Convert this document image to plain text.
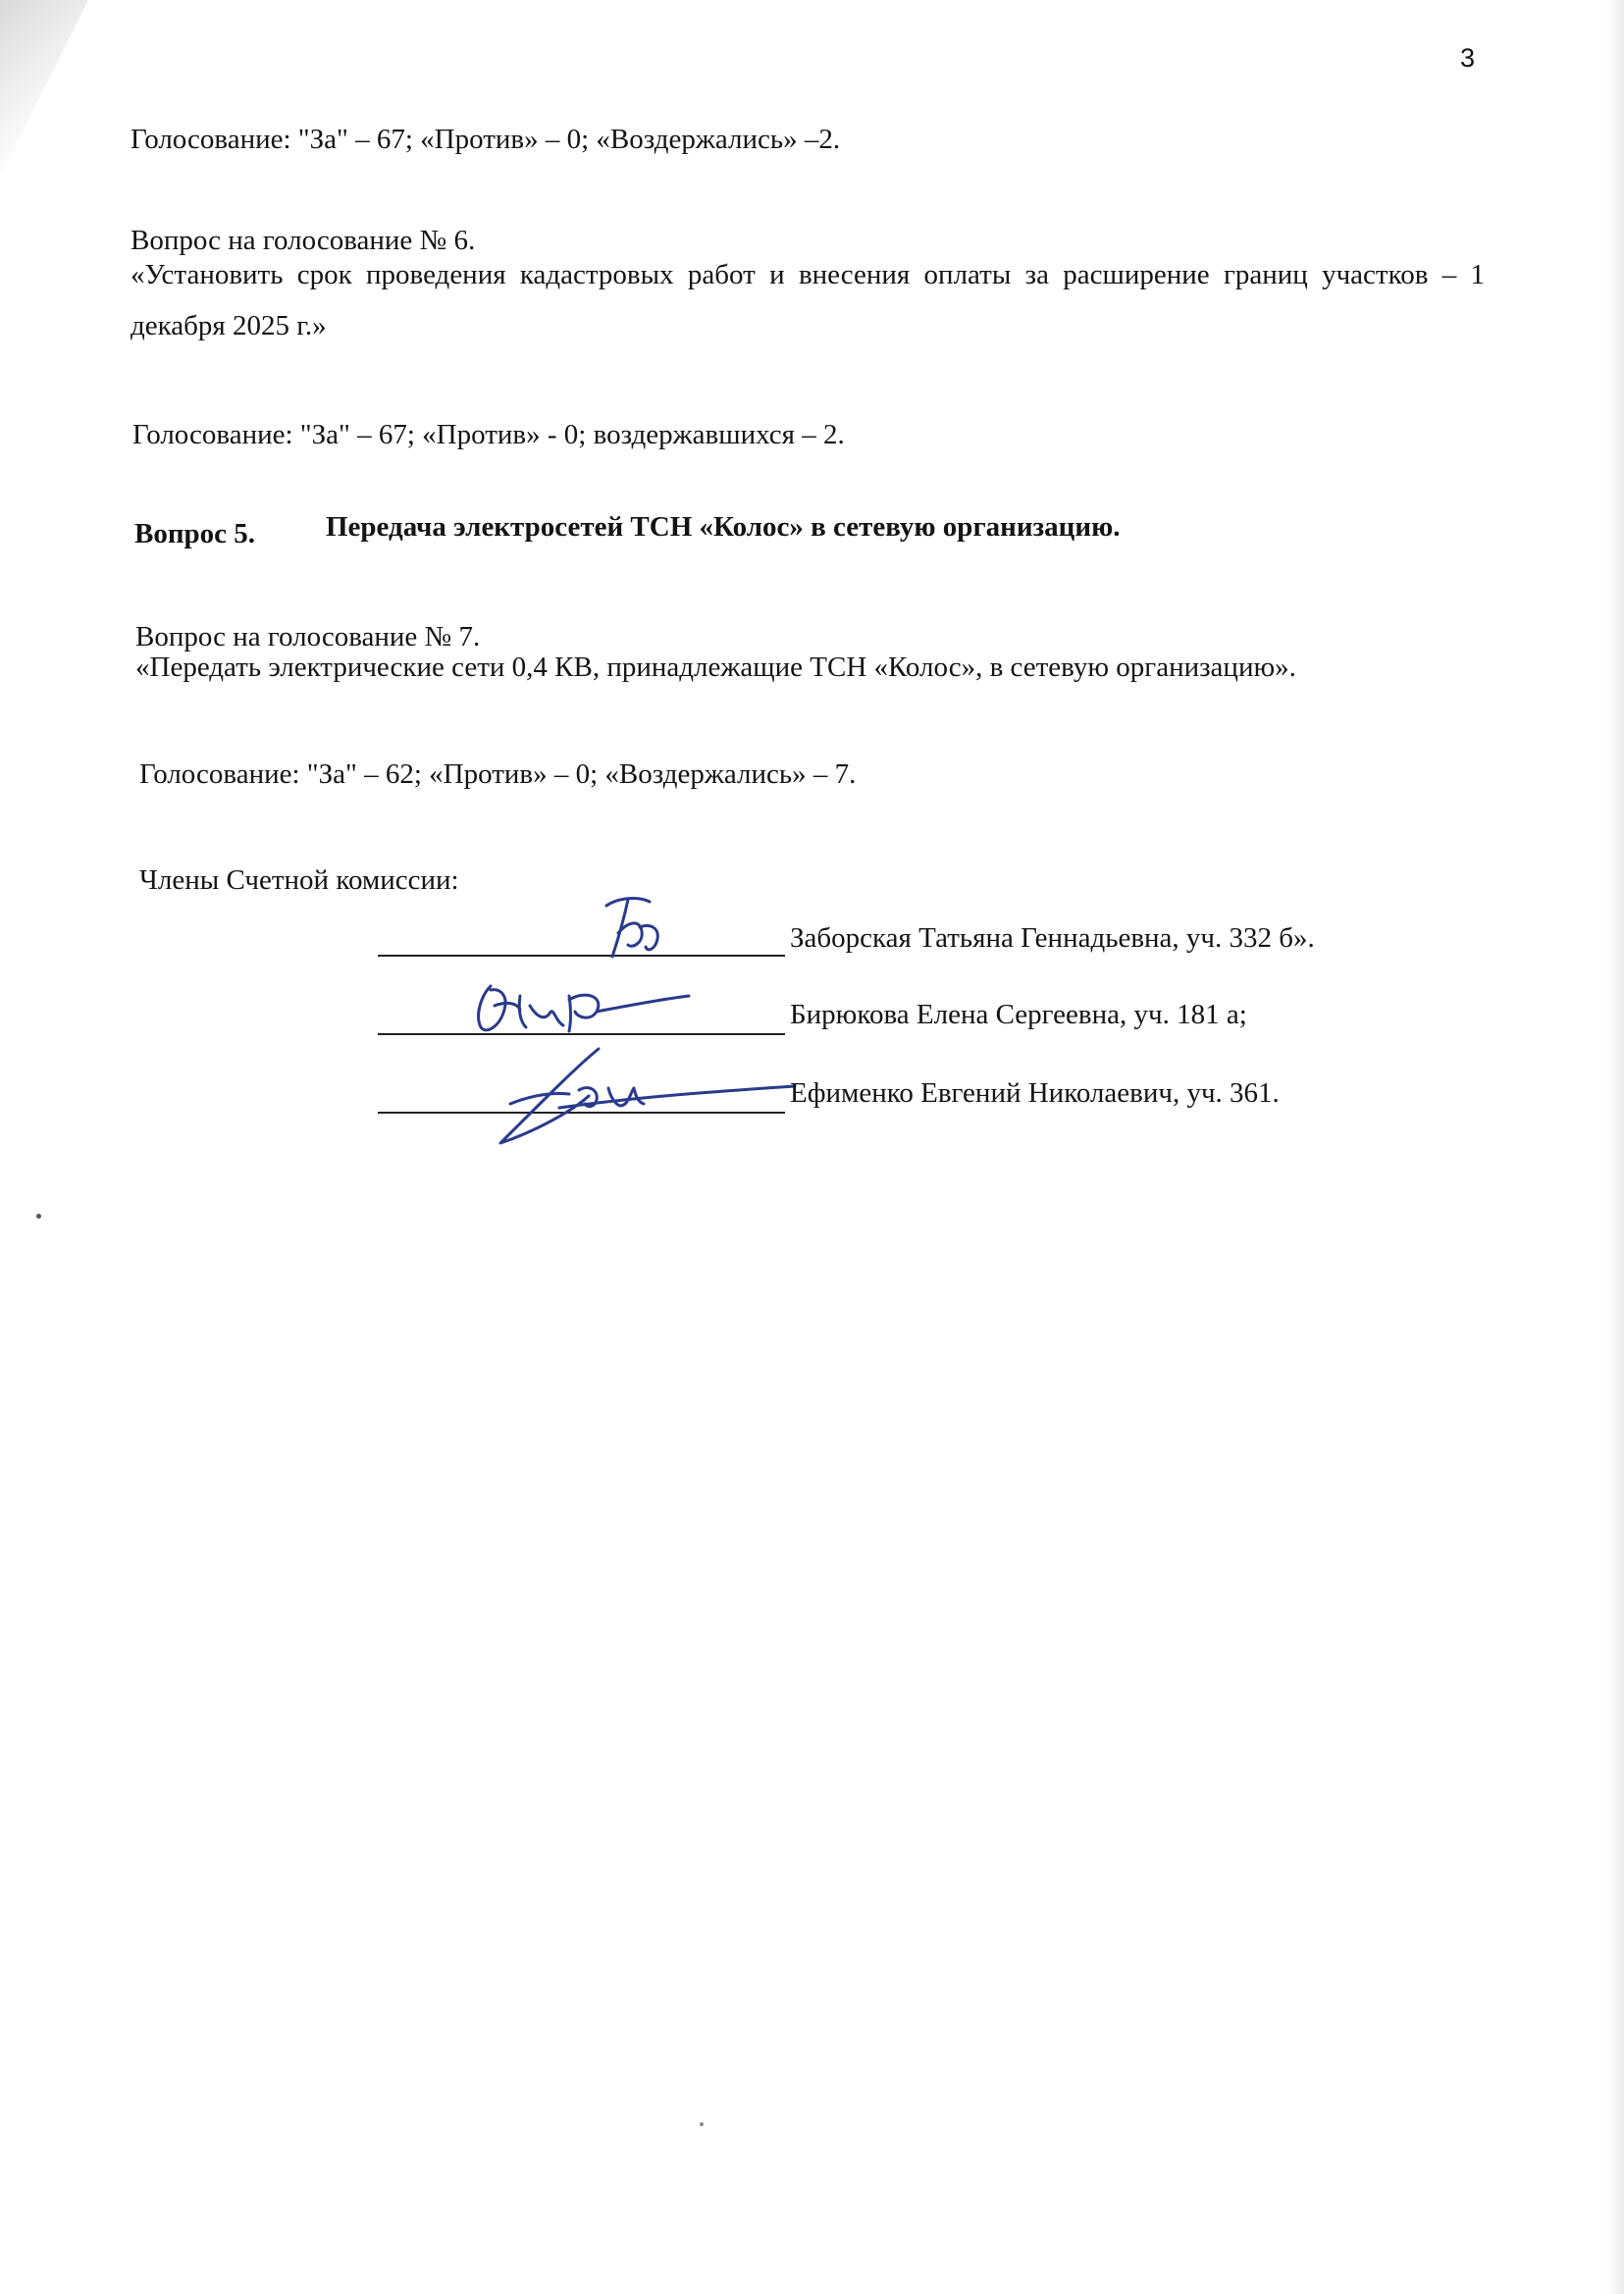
3
Голосование: "За" – 67; «Против» – 0; «Воздержались» –2.
Вопрос на голосование № 6.
«Установить срок проведения кадастровых работ и внесения оплаты за расширение границ участков – 1 декабря 2025 г.»
Голосование: "За" – 67; «Против» - 0; воздержавшихся – 2.
Вопрос 5. Передача электросетей ТСН «Колос» в сетевую организацию.
Вопрос на голосование № 7.
«Передать электрические сети 0,4 КВ, принадлежащие ТСН «Колос», в сетевую организацию».
Голосование: "За" – 62; «Против» – 0; «Воздержались» – 7.
Члены Счетной комиссии:
Заборская Татьяна Геннадьевна, уч. 332 б».
Бирюкова Елена Сергеевна, уч. 181 а;
Ефименко Евгений Николаевич, уч. 361.
